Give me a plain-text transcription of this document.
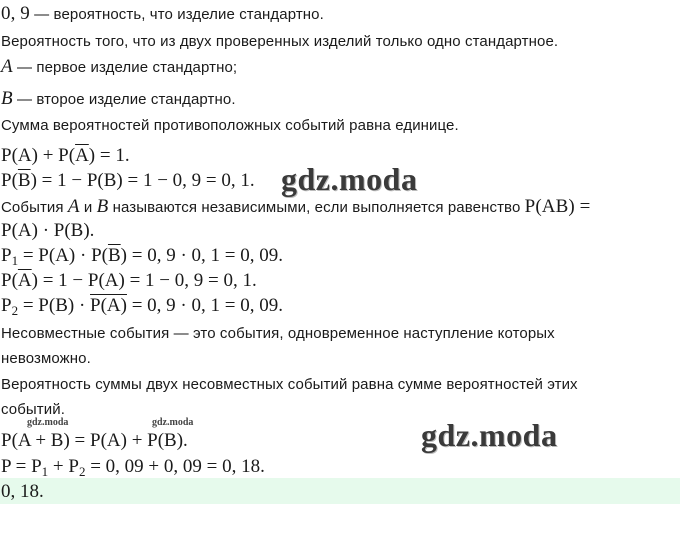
0, 9 — вероятность, что изделие стандартно.
Вероятность того, что из двух проверенных изделий только одно стандартное.
A — первое изделие стандартно;
B — второе изделие стандартно.
Сумма вероятностей противоположных событий равна единице.
$P(A) + P(\overline{A}) = 1$.
$P(\overline{B}) = 1 - P(B) = 1 - 0$, 9 = 0, 1.
События A и B называются независимыми, если выполняется равенство P(AB) =
P(A) · P(B).
$P_1 = P(A) \cdot P(\overline{B}) = 0$, 9 · 0, 1 = 0, 09.
$P(\overline{A}) = 1 - P(A) = 1 - 0$, 9 = 0, 1.
$P_2 = P(B) \cdot P(A) = 0$, 9 · 0, 1 = 0, 09.
Несовместные события — это события, одновременное наступление которых
невозможно.
Вероятность суммы двух несовместных событий равна сумме вероятностей этих
событий.
P(A + B) = P(A) + P(B).
$P = P_1 + P_2 = 0$, 09 + 0, 09 = 0, 18.
0, 18.
gdz.moda
gdz.moda
gdz.moda	gdz.moda
